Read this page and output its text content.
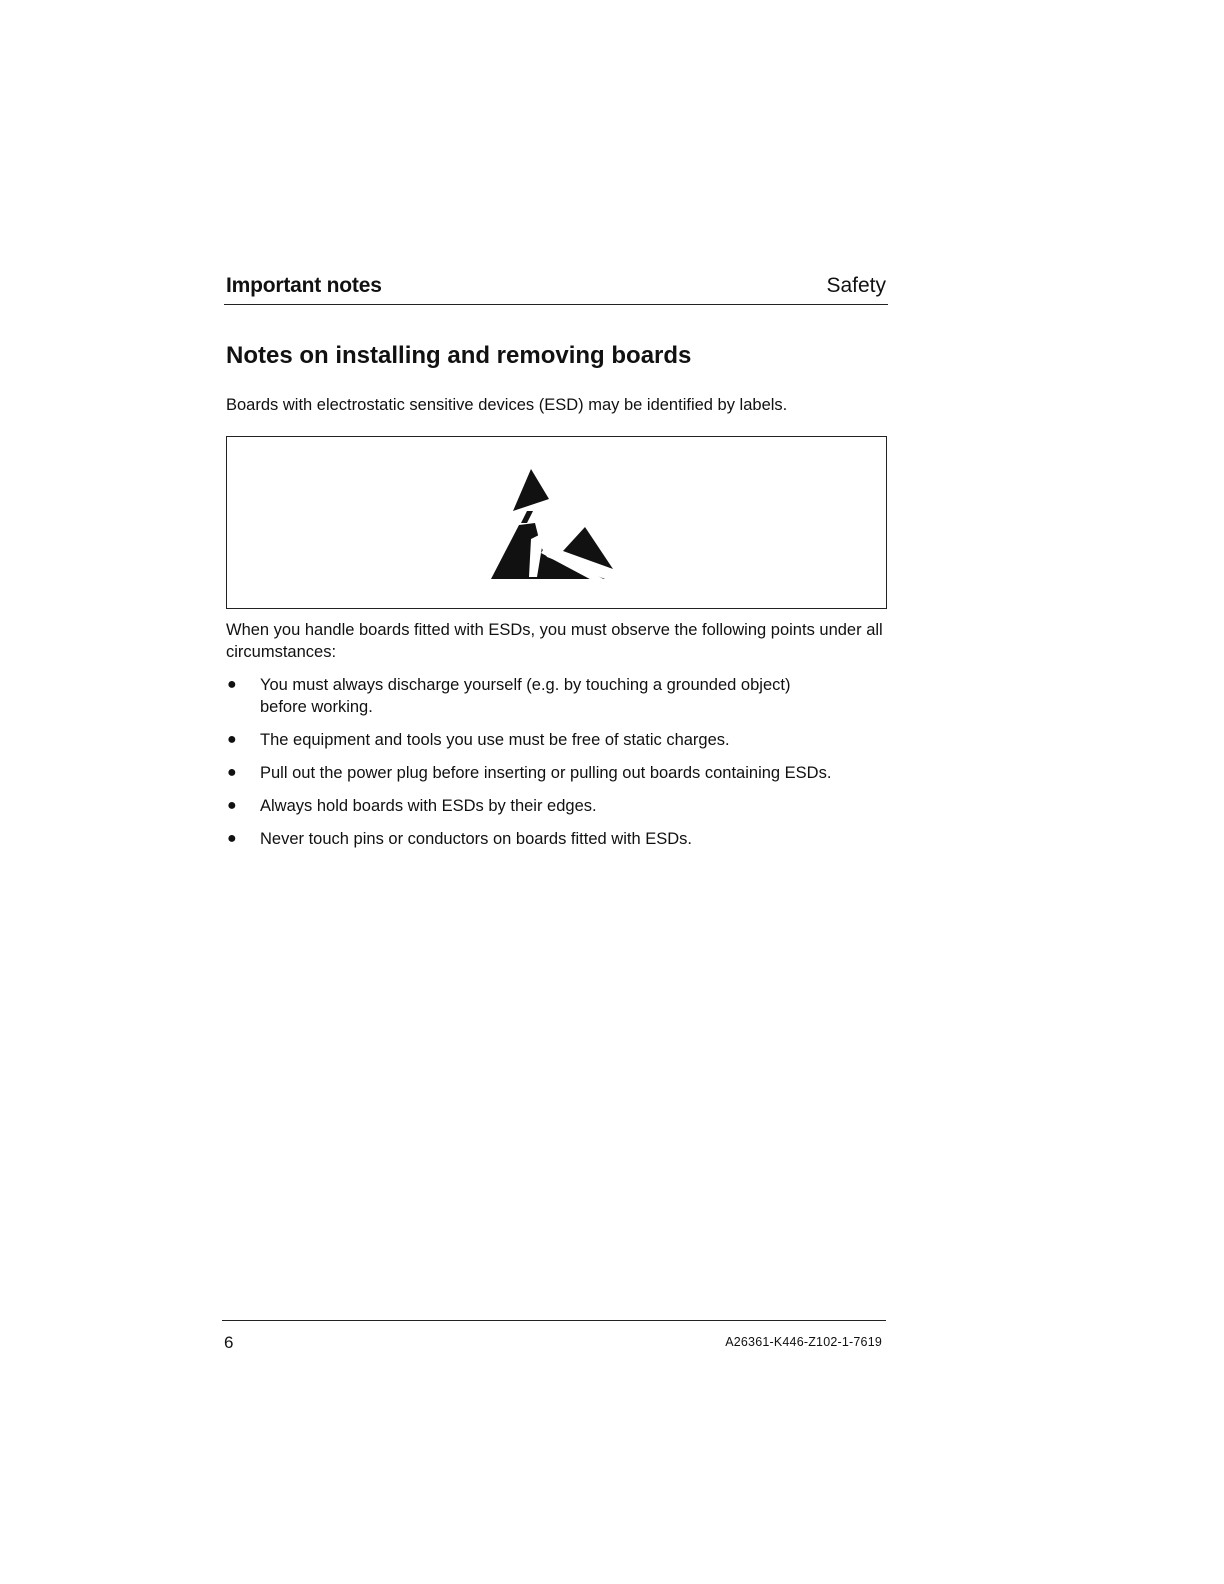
Important notes	Safety
Notes on installing and removing boards

Boards with electrostatic sensitive devices (ESD) may be identified by labels.

When you handle boards fitted with ESDs, you must observe the following points under all circumstances:

● You must always discharge yourself (e.g. by touching a grounded object) before working.
● The equipment and tools you use must be free of static charges.
● Pull out the power plug before inserting or pulling out boards containing ESDs.
● Always hold boards with ESDs by their edges.
● Never touch pins or conductors on boards fitted with ESDs.
6	A26361-K446-Z102-1-7619
